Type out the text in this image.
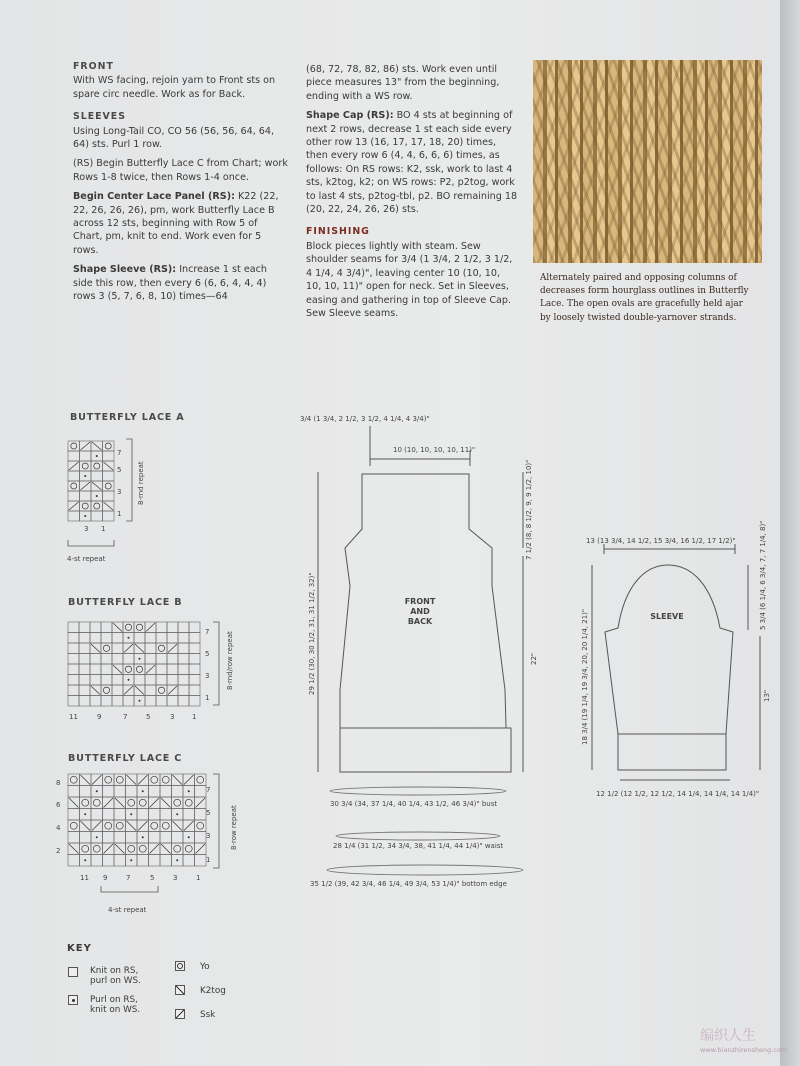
FRONT

With WS facing, rejoin yarn to Front sts on spare circ needle. Work as for Back.

SLEEVES

Using Long-Tail CO, CO 56 (56, 56, 64, 64, 64) sts. Purl 1 row.

(RS) Begin Butterfly Lace C from Chart; work Rows 1-8 twice, then Rows 1-4 once.

Begin Center Lace Panel (RS): K22 (22, 22, 26, 26, 26), pm, work Butterfly Lace B across 12 sts, beginning with Row 5 of Chart, pm, knit to end. Work even for 5 rows.

Shape Sleeve (RS): Increase 1 st each side this row, then every 6 (6, 6, 4, 4, 4) rows 3 (5, 7, 6, 8, 10) times—64

(68, 72, 78, 82, 86) sts. Work even until piece measures 13" from the beginning, ending with a WS row.

Shape Cap (RS): BO 4 sts at beginning of next 2 rows, decrease 1 st each side every other row 13 (16, 17, 17, 18, 20) times, then every row 6 (4, 4, 6, 6, 6) times, as follows: On RS rows: K2, ssk, work to last 4 sts, k2tog, k2; on WS rows: P2, p2tog, work to last 4 sts, p2tog-tbl, p2. BO remaining 18 (20, 22, 24, 26, 26) sts.

FINISHING

Block pieces lightly with steam. Sew shoulder seams for 3/4 (1 3/4, 2 1/2, 3 1/2, 4 1/4, 4 3/4)", leaving center 10 (10, 10, 10, 10, 11)" open for neck. Set in Sleeves, easing and gathering in top of Sleeve Cap. Sew Sleeve seams.

Alternately paired and opposing columns of decreases form hourglass outlines in Butterfly Lace. The open ovals are gracefully held ajar by loosely twisted double-yarnover strands.
BUTTERFLY LACE A
BUTTERFLY LACE B
BUTTERFLY LACE C
7
5
3
1
3 1
8-rnd repeat
4-st repeat
7
5
3
1
11	9	7	5	3	1
8-rnd/row repeat
8
6
4
2
7
5
3
1
11 9	7	5	3	1
8-row repeat
4-st repeat
3/4 (1 3/4, 2 1/2, 3 1/2, 4 1/4, 4 3/4)"
10 (10, 10, 10, 10, 11)"
7 1/2 (8, 8 1/2, 9, 9 1/2, 10)"
29 1/2 (30, 30 1/2, 31, 31 1/2, 32)"	22"
FRONT
AND
BACK
30 3/4 (34, 37 1/4, 40 1/4, 43 1/2, 46 3/4)" bust
28 1/4 (31 1/2, 34 3/4, 38, 41 1/4, 44 1/4)" waist
35 1/2 (39, 42 3/4, 46 1/4, 49 3/4, 53 1/4)" bottom edge
13 (13 3/4, 14 1/2, 15 3/4, 16 1/2, 17 1/2)"
18 3/4 (19 1/4, 19 3/4, 20, 20 1/4, 21)"
5 3/4 (6 1/4, 6 3/4, 7, 7 1/4, 8)"
13"
12 1/2 (12 1/2, 12 1/2, 14 1/4, 14 1/4, 14 1/4)"
SLEEVE
KEY
Knit on RS,
purl on WS.
Purl on RS,
knit on WS.
Yo
K2tog
Ssk
编织人生
www.bianzhirensheng.com
